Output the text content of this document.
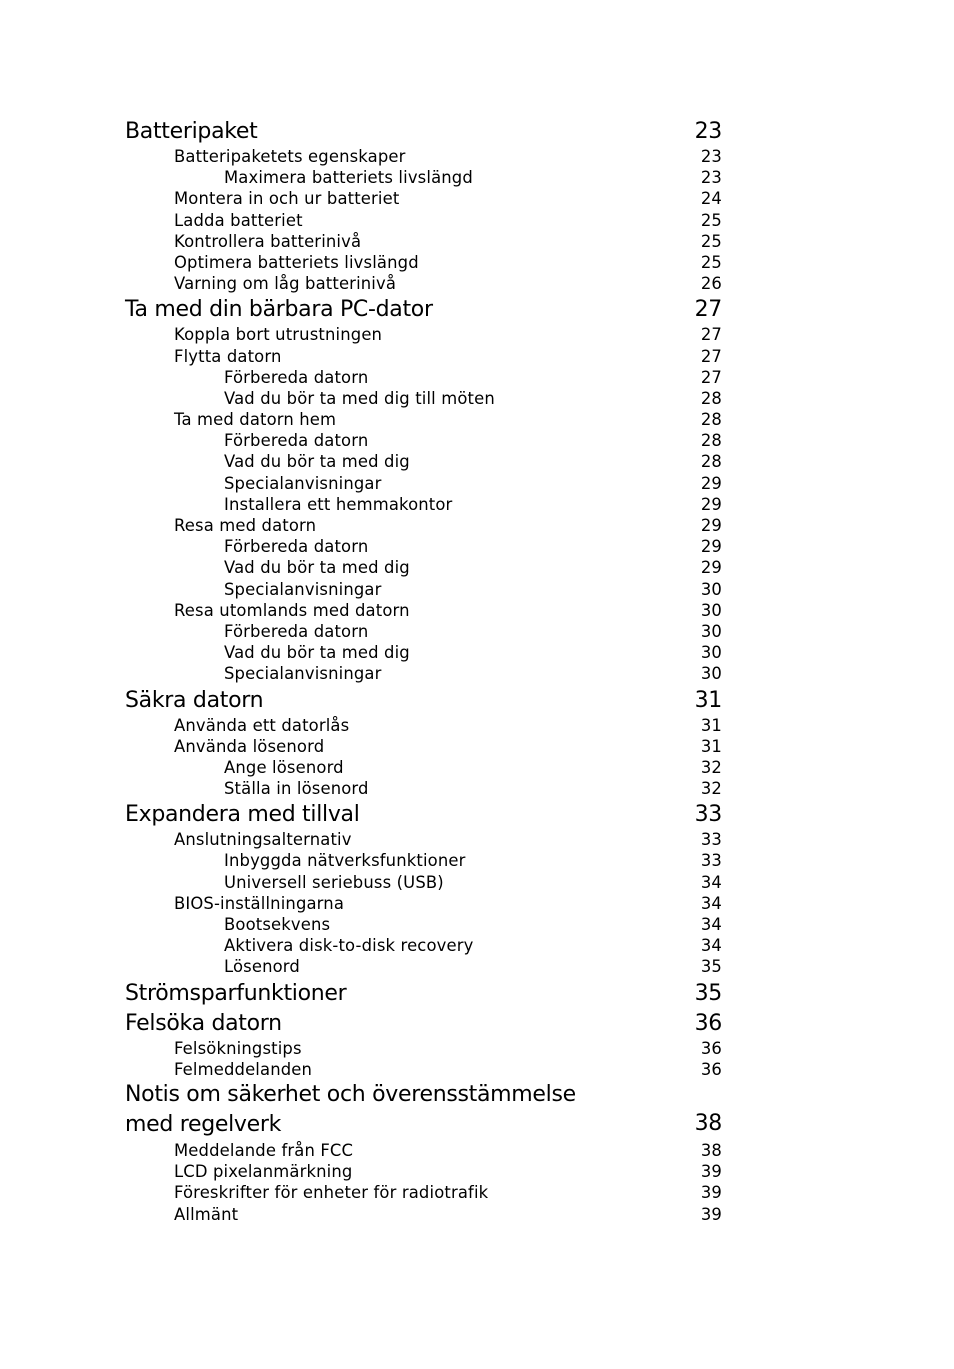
Batteripaket	23
Batteripaketets egenskaper	23
Maximera batteriets livslängd	23
Montera in och ur batteriet	24
Ladda batteriet	25
Kontrollera batterinivå	25
Optimera batteriets livslängd	25
Varning om låg batterinivå	26
Ta med din bärbara PC-dator	27
Koppla bort utrustningen	27
Flytta datorn	27
Förbereda datorn	27
Vad du bör ta med dig till möten	28
Ta med datorn hem	28
Förbereda datorn	28
Vad du bör ta med dig	28
Specialanvisningar	29
Installera ett hemmakontor	29
Resa med datorn	29
Förbereda datorn	29
Vad du bör ta med dig	29
Specialanvisningar	30
Resa utomlands med datorn	30
Förbereda datorn	30
Vad du bör ta med dig	30
Specialanvisningar	30
Säkra datorn	31
Använda ett datorlås	31
Använda lösenord	31
Ange lösenord	32
Ställa in lösenord	32
Expandera med tillval	33
Anslutningsalternativ	33
Inbyggda nätverksfunktioner	33
Universell seriebuss (USB)	34
BIOS-inställningarna	34
Bootsekvens	34
Aktivera disk-to-disk recovery	34
Lösenord	35
Strömsparfunktioner	35
Felsöka datorn	36
Felsökningstips	36
Felmeddelanden	36
Notis om säkerhet och överensstämmelse
med regelverk	38
Meddelande från FCC	38
LCD pixelanmärkning	39
Föreskrifter för enheter för radiotrafik	39
Allmänt	39
